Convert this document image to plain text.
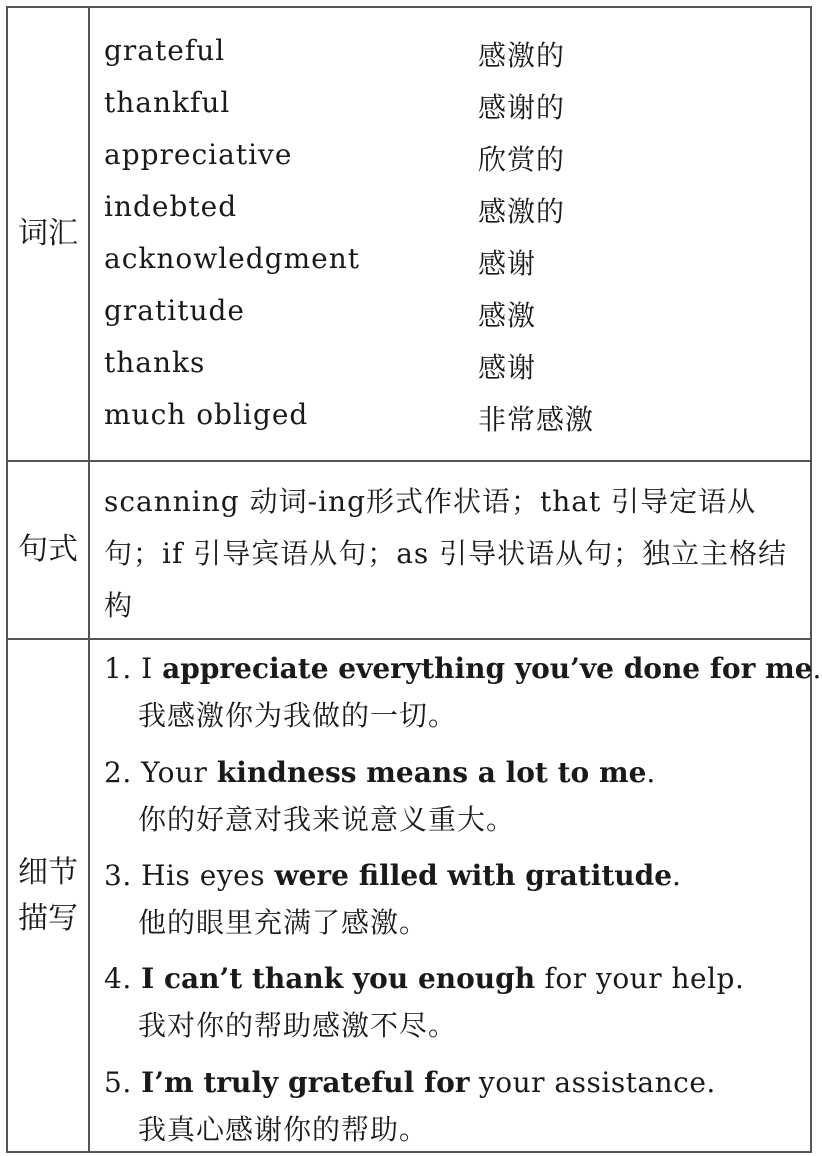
词汇
grateful	感激的
thankful	感谢的
appreciative	欣赏的
indebted	感激的
acknowledgment	感谢
gratitude	感激
thanks	感谢
much obliged	非常感激
句式
scanning 动词-ing形式作状语；that 引导定语从句；if 引导宾语从句；as 引导状语从句；独立主格结构
细节描写
1. I appreciate everything you’ve done for me.
我感激你为我做的一切。
2. Your kindness means a lot to me.
你的好意对我来说意义重大。
3. His eyes were filled with gratitude.
他的眼里充满了感激。
4. I can’t thank you enough for your help.
我对你的帮助感激不尽。
5. I’m truly grateful for your assistance.
我真心感谢你的帮助。
